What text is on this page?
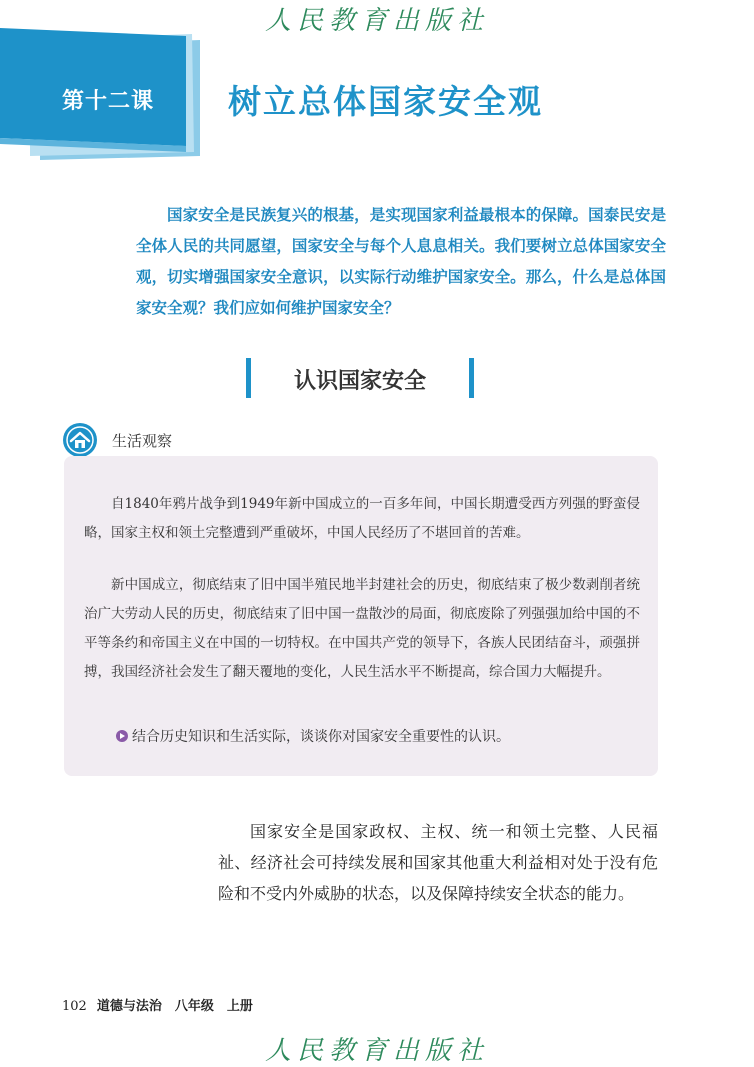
人民教育出版社
第十二课 树立总体国家安全观
国家安全是民族复兴的根基，是实现国家利益最根本的保障。国泰民安是全体人民的共同愿望，国家安全与每个人息息相关。我们要树立总体国家安全观，切实增强国家安全意识，以实际行动维护国家安全。那么，什么是总体国家安全观？我们应如何维护国家安全？
认识国家安全
生活观察
自1840年鸦片战争到1949年新中国成立的一百多年间，中国长期遭受西方列强的野蛮侵略，国家主权和领土完整遭到严重破坏，中国人民经历了不堪回首的苦难。
新中国成立，彻底结束了旧中国半殖民地半封建社会的历史，彻底结束了极少数剥削者统治广大劳动人民的历史，彻底结束了旧中国一盘散沙的局面，彻底废除了列强强加给中国的不平等条约和帝国主义在中国的一切特权。在中国共产党的领导下，各族人民团结奋斗，顽强拼搏，我国经济社会发生了翻天覆地的变化，人民生活水平不断提高，综合国力大幅提升。
结合历史知识和生活实际，谈谈你对国家安全重要性的认识。
国家安全是国家政权、主权、统一和领土完整、人民福祉、经济社会可持续发展和国家其他重大利益相对处于没有危险和不受内外威胁的状态，以及保障持续安全状态的能力。
102 道德与法治　八年级　上册
人民教育出版社
